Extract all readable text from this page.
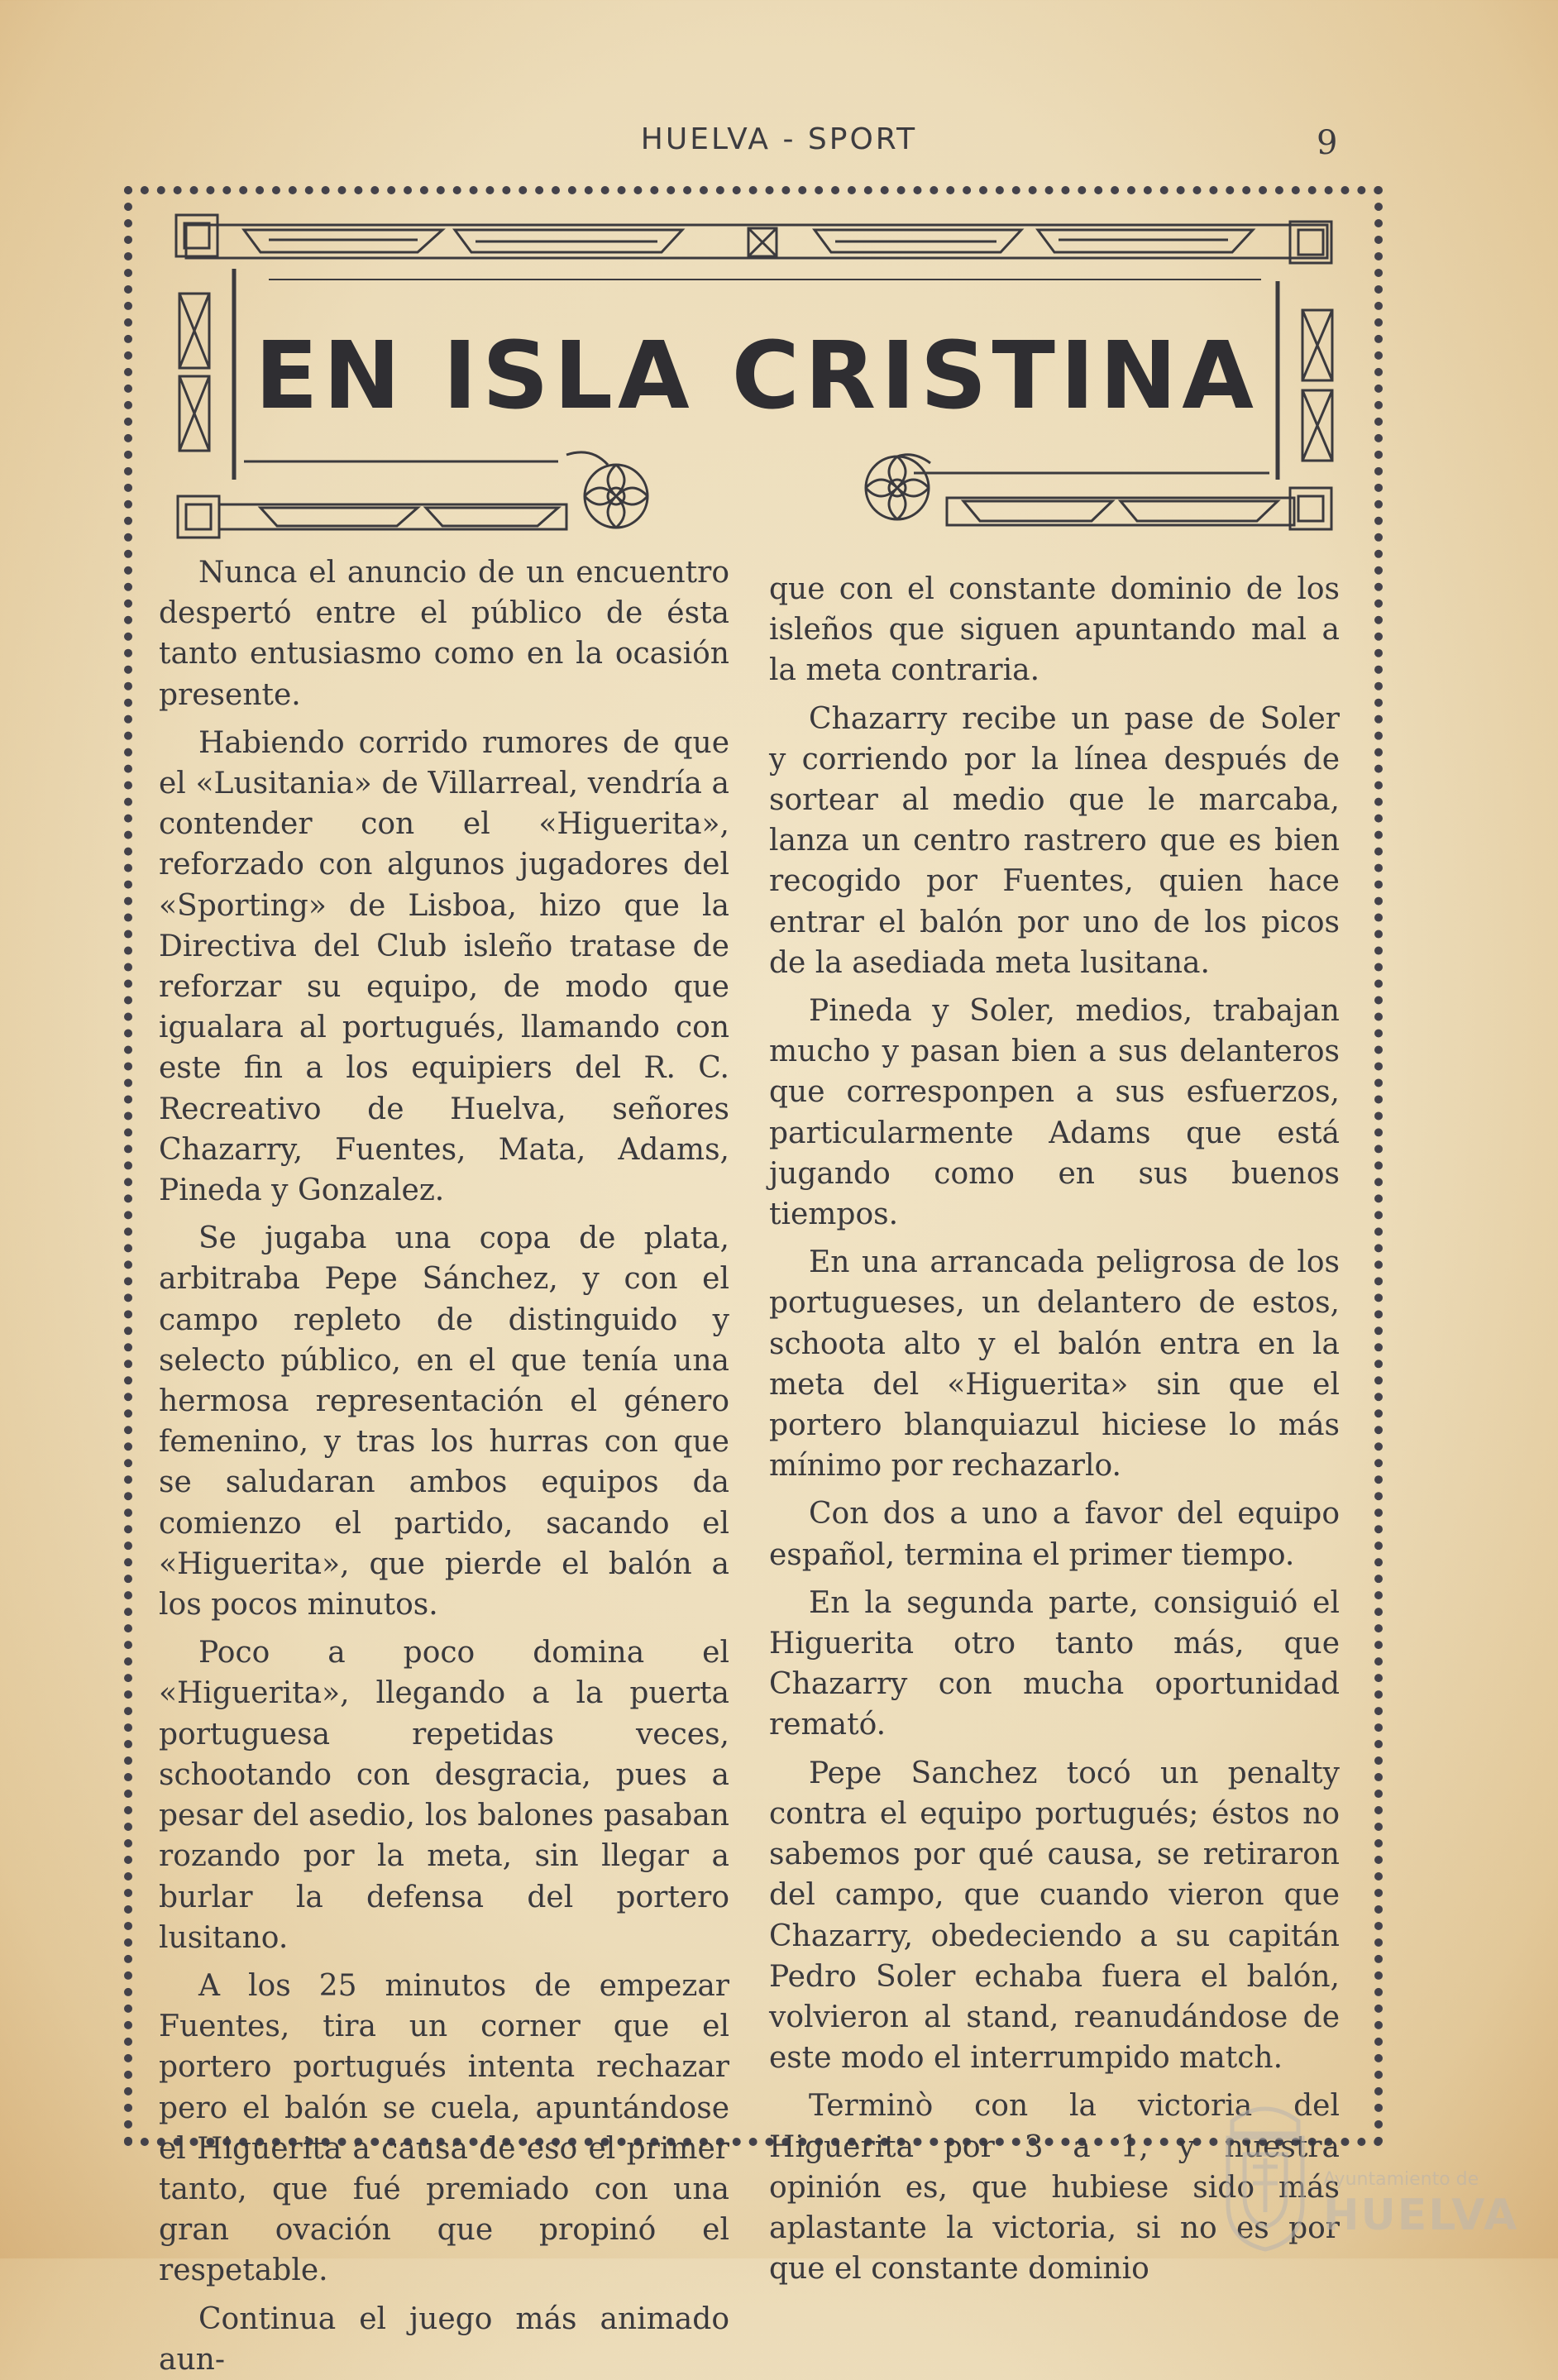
HUELVA - SPORT	9
EN ISLA CRISTINA

Nunca el anuncio de un encuentro despertó entre el público de ésta tanto entusiasmo como en la ocasión presente.

Habiendo corrido rumores de que el «Lusitania» de Villarreal, vendría a contender con el «Higuerita», reforzado con algunos jugadores del «Sporting» de Lisboa, hizo que la Directiva del Club isleño tratase de reforzar su equipo, de modo que igualara al portugués, llamando con este fin a los equipiers del R. C. Recreativo de Huelva, señores Chazarry, Fuentes, Mata, Adams, Pineda y Gonzalez.

Se jugaba una copa de plata, arbitraba Pepe Sánchez, y con el campo repleto de distinguido y selecto público, en el que tenía una hermosa representación el género femenino, y tras los hurras con que se saludaran ambos equipos da comienzo el partido, sacando el «Higuerita», que pierde el balón a los pocos minutos.

Poco a poco domina el «Higuerita», llegando a la puerta portuguesa repetidas veces, schootando con desgracia, pues a pesar del asedio, los balones pasaban rozando por la meta, sin llegar a burlar la defensa del portero lusitano.

A los 25 minutos de empezar Fuentes, tira un corner que el portero portugués intenta rechazar pero el balón se cuela, apuntándose el Higuerita a causa de eso el primer tanto, que fué premiado con una gran ovación que propinó el respetable.

Continua el juego más animado aun-

que con el constante dominio de los isleños que siguen apuntando mal a la meta contraria.

Chazarry recibe un pase de Soler y corriendo por la línea después de sortear al medio que le marcaba, lanza un centro rastrero que es bien recogido por Fuentes, quien hace entrar el balón por uno de los picos de la asediada meta lusitana.

Pineda y Soler, medios, trabajan mucho y pasan bien a sus delanteros que corresponpen a sus esfuerzos, particularmente Adams que está jugando como en sus buenos tiempos.

En una arrancada peligrosa de los portugueses, un delantero de estos, schoota alto y el balón entra en la meta del «Higuerita» sin que el portero blanquiazul hiciese lo más mínimo por rechazarlo.

Con dos a uno a favor del equipo español, termina el primer tiempo.

En la segunda parte, consiguió el Higuerita otro tanto más, que Chazarry con mucha oportunidad remató.

Pepe Sanchez tocó un penalty contra el equipo portugués; éstos no sabemos por qué causa, se retiraron del campo, que cuando vieron que Chazarry, obedeciendo a su capitán Pedro Soler echaba fuera el balón, volvieron al stand, reanudándose de este modo el interrumpido match.

Terminò con la victoria del Higuerita por 3 a 1, y nuestra opinión es, que hubiese sido más aplastante la victoria, si no es por que el constante dominio

Ayuntamiento de
HUELVA
